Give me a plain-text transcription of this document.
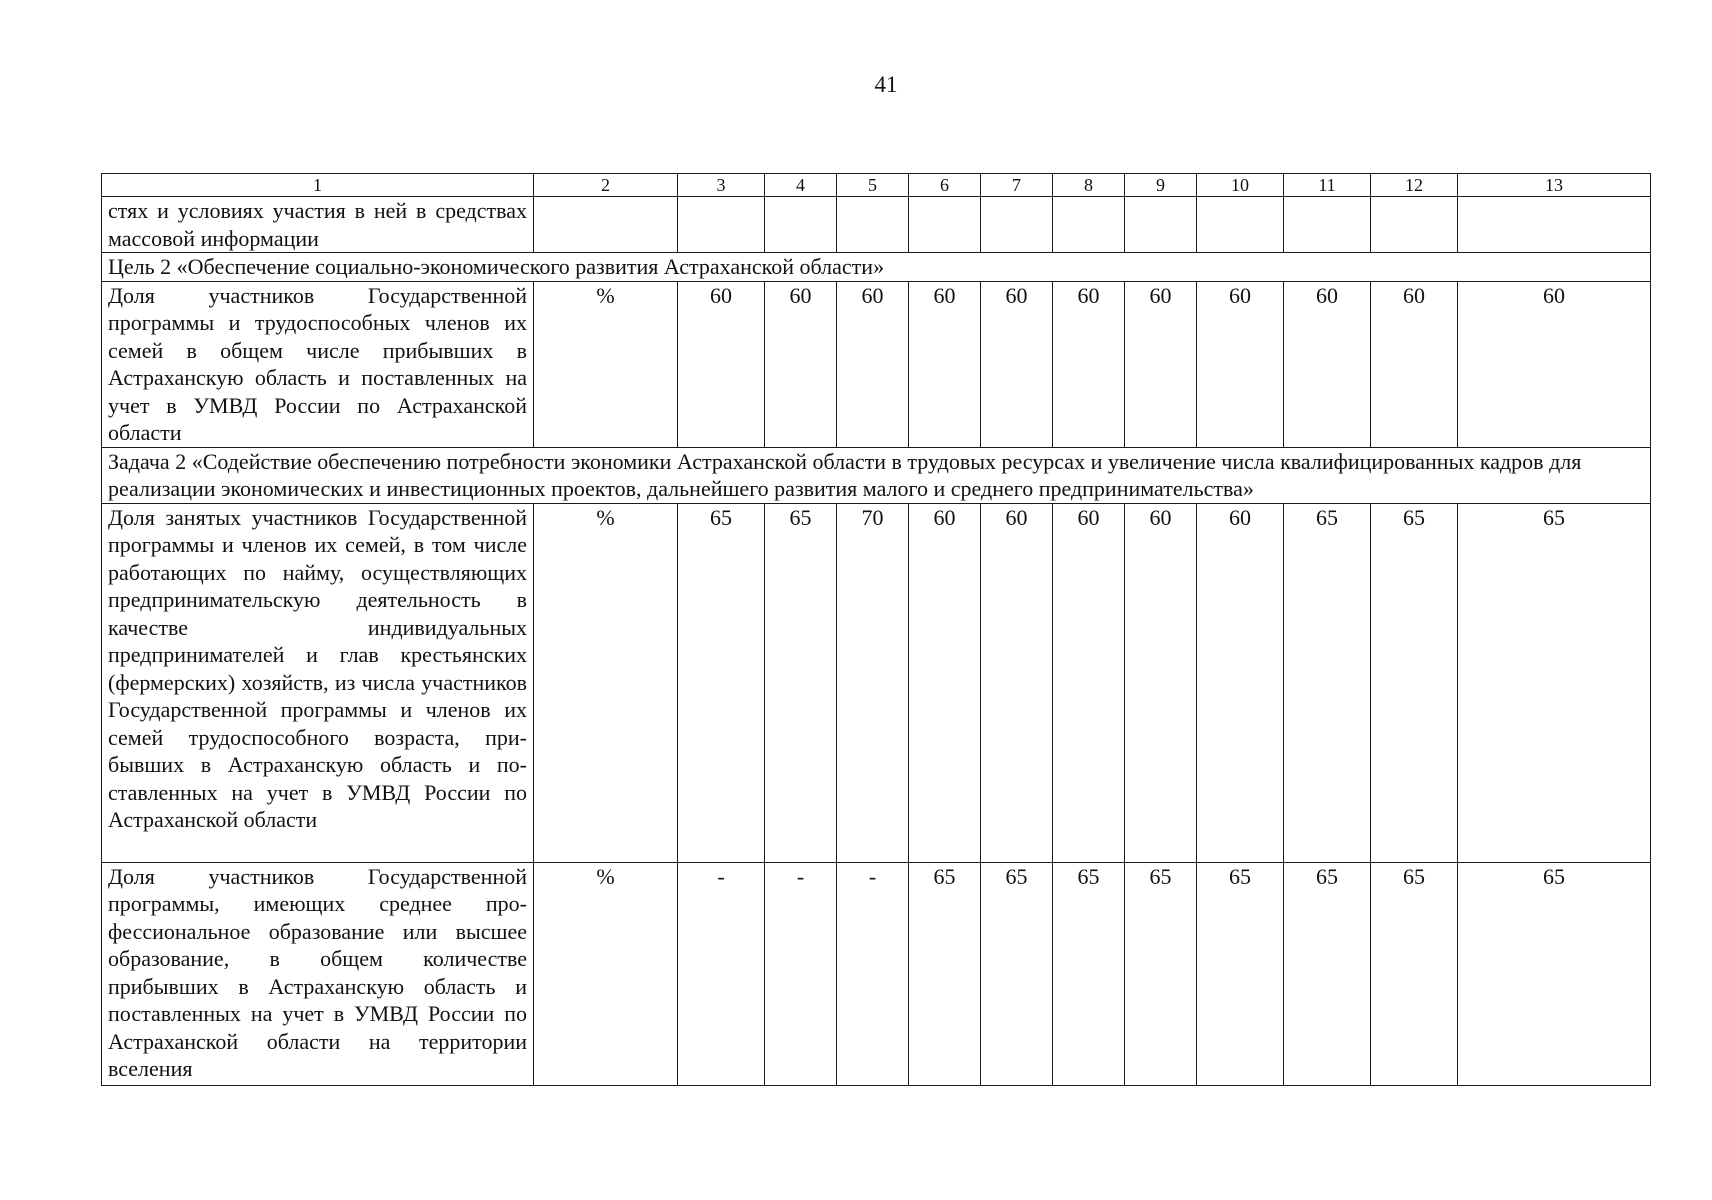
41
1	2	3	4	5	6	7	8	9	10	11	12	13
стях и условиях участия в ней в средствах массовой информации												
Цель 2 «Обеспечение социально-экономического развития Астраханской области»												
Доля участников Государственной программы и трудоспособных членов их семей в общем числе прибывших в Астраханскую область и поставленных на учет в УМВД России по Астраханской области	%	60	60	60	60	60	60	60	60	60	60	60
Задача 2 «Содействие обеспечению потребности экономики Астраханской области в трудовых ресурсах и увеличение числа квалифицированных кадров для реализации экономических и инвестиционных проектов, дальнейшего развития малого и среднего предпринимательства»												
Доля занятых участников Государственной программы и членов их семей, в том числе работающих по найму, осуществляющих предпринимательскую деятельность в качестве индивидуальных предпринимателей и глав крестьянских (фермерских) хозяйств, из числа участников Государственной программы и членов их семей трудоспособного возраста, прибывших в Астраханскую область и поставленных на учет в УМВД России по Астраханской области	%	65	65	70	60	60	60	60	60	65	65	65
Доля участников Государственной программы, имеющих среднее профессиональное образование или высшее образование, в общем количестве прибывших в Астраханскую область и поставленных на учет в УМВД России по Астраханской области на территории вселения	%	-	-	-	65	65	65	65	65	65	65	65
